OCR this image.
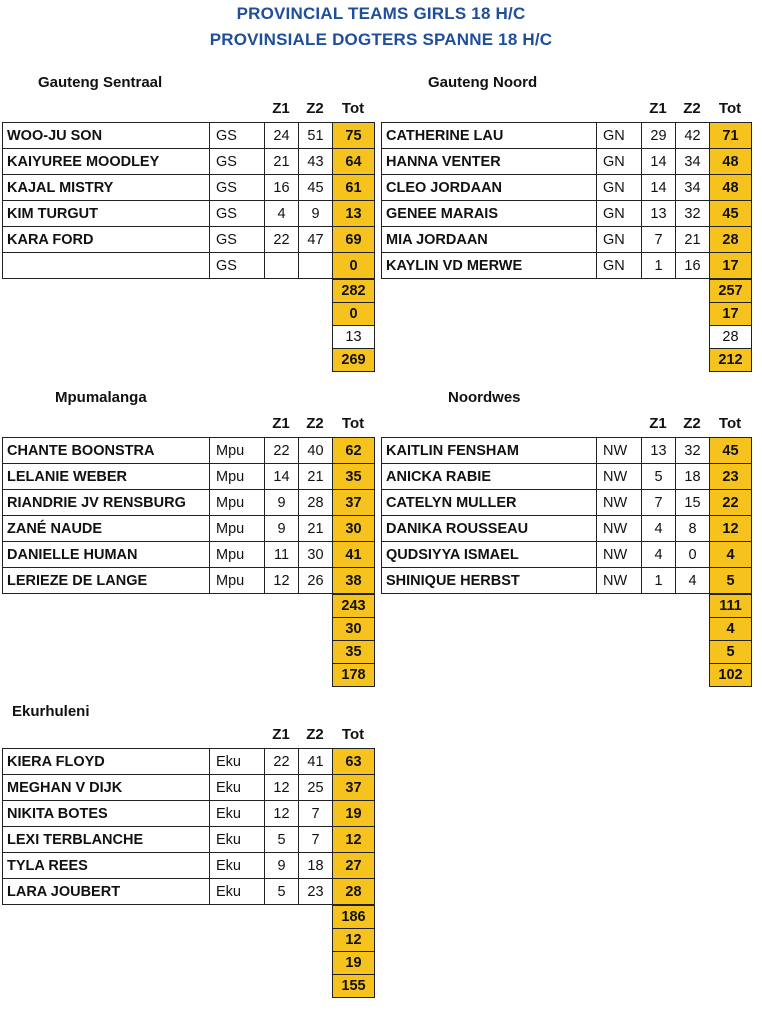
PROVINCIAL TEAMS GIRLS 18 H/C
PROVINSIALE DOGTERS SPANNE 18 H/C
Gauteng Sentraal
Z1	Z2	Tot
WOO-JU SON	GS	24	51	75
KAIYUREE MOODLEY	GS	21	43	64
KAJAL MISTRY	GS	16	45	61
KIM TURGUT	GS	4	9	13
KARA FORD	GS	22	47	69
	GS			0
282
0
13
269
Gauteng Noord
Z1	Z2	Tot
CATHERINE LAU	GN	29	42	71
HANNA VENTER	GN	14	34	48
CLEO JORDAAN	GN	14	34	48
GENEE MARAIS	GN	13	32	45
MIA JORDAAN	GN	7	21	28
KAYLIN VD MERWE	GN	1	16	17
257
17
28
212
Mpumalanga
Z1	Z2	Tot
CHANTE BOONSTRA	Mpu	22	40	62
LELANIE WEBER	Mpu	14	21	35
RIANDRIE JV RENSBURG	Mpu	9	28	37
ZANÉ NAUDE	Mpu	9	21	30
DANIELLE HUMAN	Mpu	11	30	41
LERIEZE DE LANGE	Mpu	12	26	38
243
30
35
178
Noordwes
Z1	Z2	Tot
KAITLIN FENSHAM	NW	13	32	45
ANICKA RABIE	NW	5	18	23
CATELYN MULLER	NW	7	15	22
DANIKA ROUSSEAU	NW	4	8	12
QUDSIYYA ISMAEL	NW	4	0	4
SHINIQUE HERBST	NW	1	4	5
111
4
5
102
Ekurhuleni
Z1	Z2	Tot
KIERA FLOYD	Eku	22	41	63
MEGHAN V DIJK	Eku	12	25	37
NIKITA BOTES	Eku	12	7	19
LEXI TERBLANCHE	Eku	5	7	12
TYLA REES	Eku	9	18	27
LARA JOUBERT	Eku	5	23	28
186
12
19
155
